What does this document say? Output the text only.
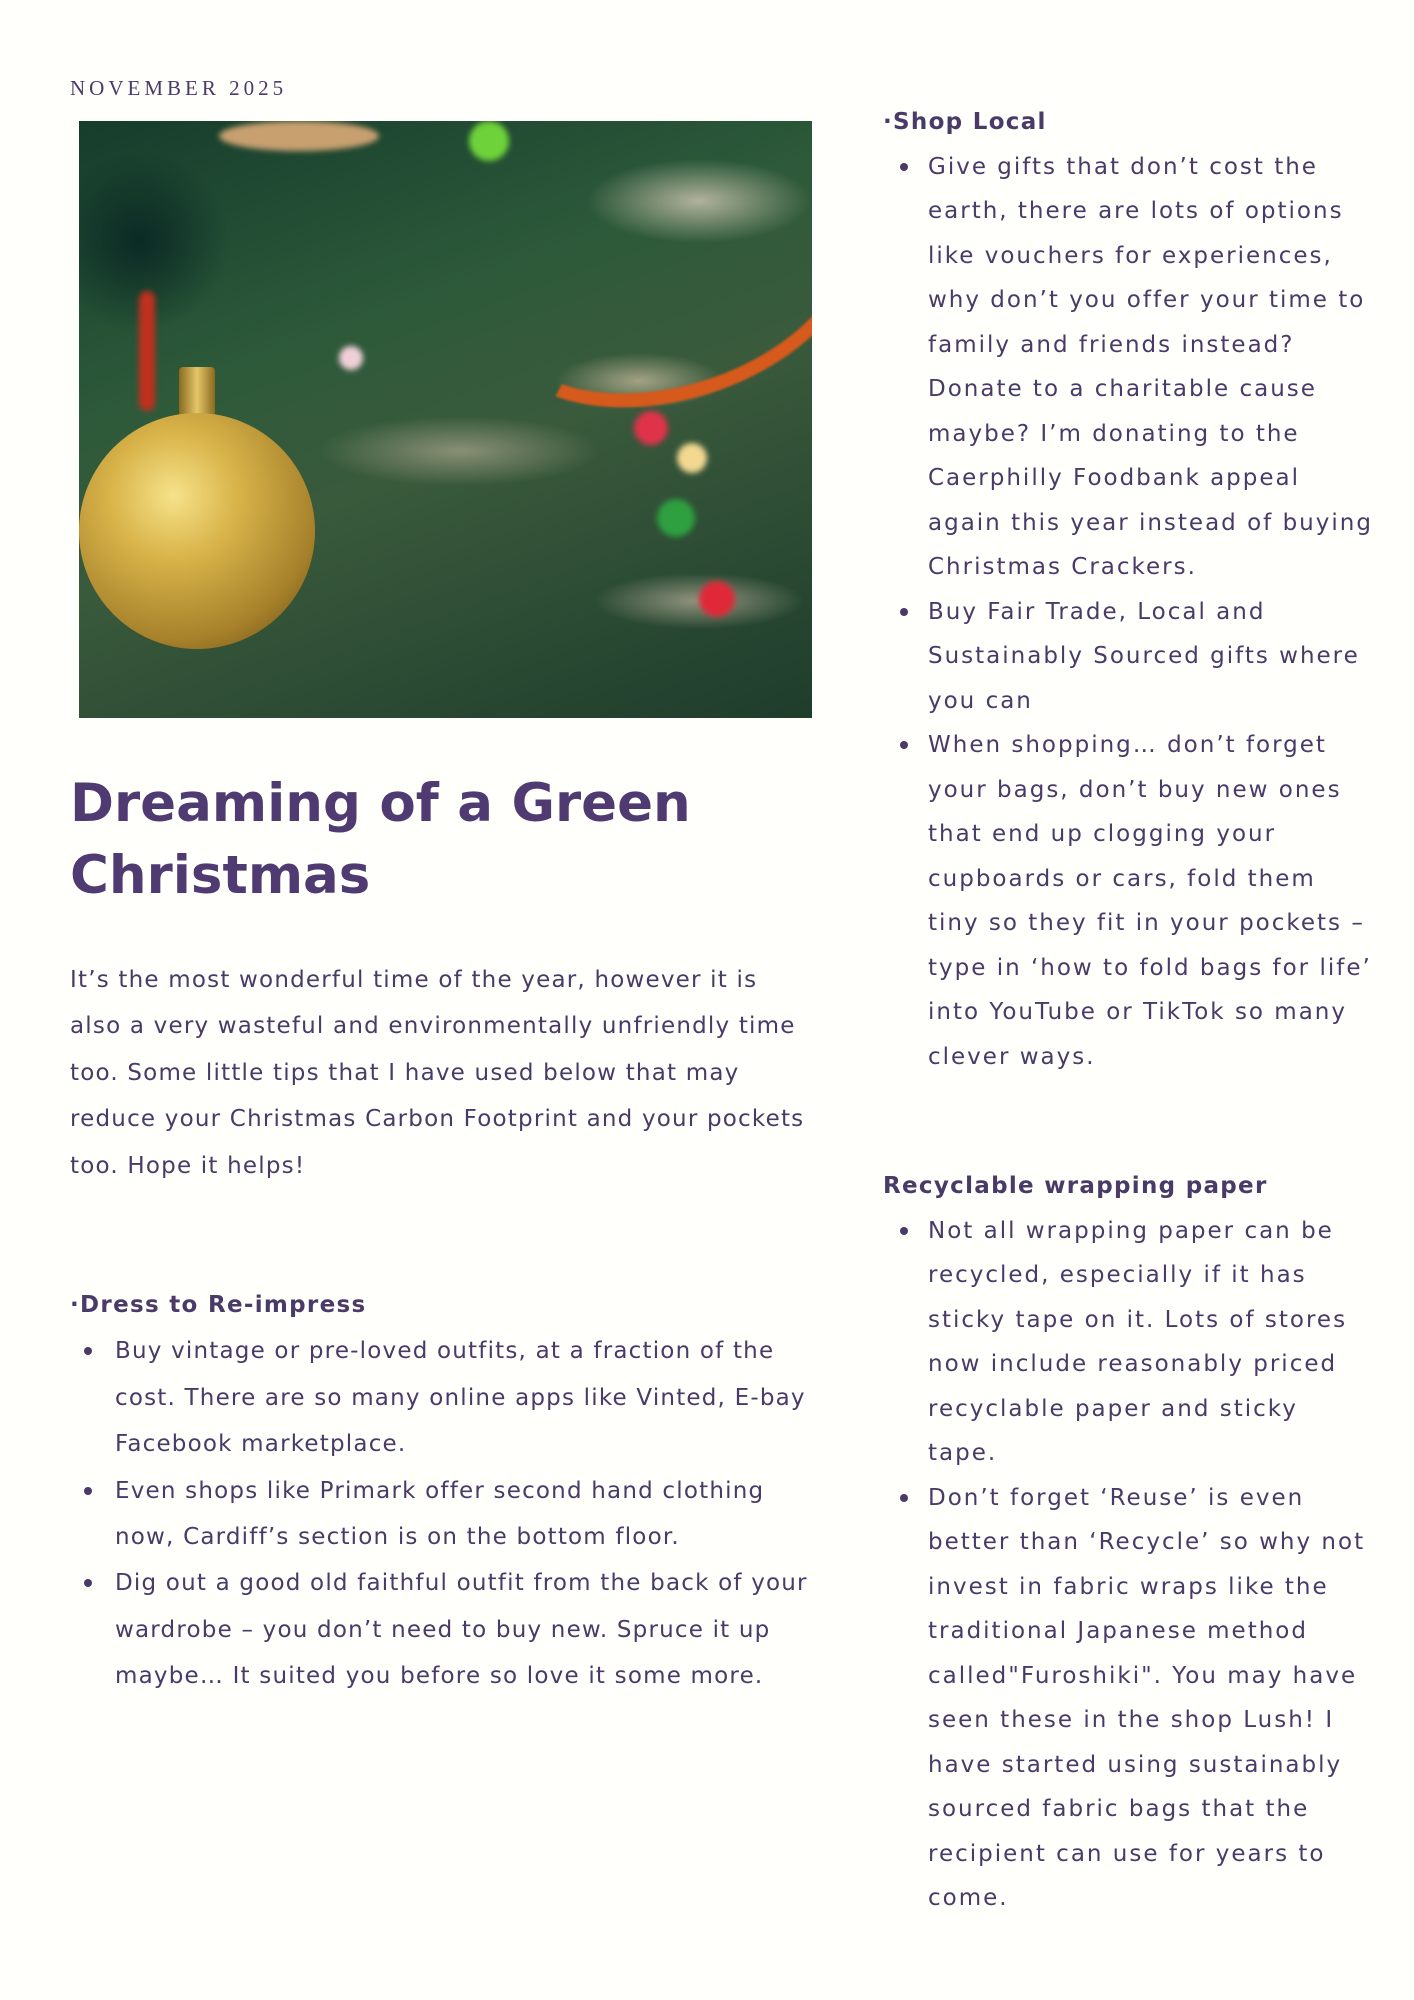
NOVEMBER 2025
Dreaming of a Green Christmas

It’s the most wonderful time of the year, however it is also a very wasteful and environmentally unfriendly time too. Some little tips that I have used below that may reduce your Christmas Carbon Footprint and your pockets too. Hope it helps!

·Dress to Re-impress

Buy vintage or pre-loved outfits, at a fraction of the cost. There are so many online apps like Vinted, E-bay Facebook marketplace.
Even shops like Primark offer second hand clothing now, Cardiff’s section is on the bottom floor.
Dig out a good old faithful outfit from the back of your wardrobe – you don’t need to buy new. Spruce it up maybe… It suited you before so love it some more.

·Shop Local

Give gifts that don’t cost the earth, there are lots of options like vouchers for experiences, why don’t you offer your time to family and friends instead? Donate to a charitable cause maybe? I’m donating to the Caerphilly Foodbank appeal again this year instead of buying Christmas Crackers.
Buy Fair Trade, Local and Sustainably Sourced gifts where you can
When shopping… don’t forget your bags, don’t buy new ones that end up clogging your cupboards or cars, fold them tiny so they fit in your pockets – type in ‘how to fold bags for life’ into YouTube or TikTok so many clever ways.

Recyclable wrapping paper

Not all wrapping paper can be recycled, especially if it has sticky tape on it. Lots of stores now include reasonably priced recyclable paper and sticky tape.
Don’t forget ‘Reuse’ is even better than ‘Recycle’ so why not invest in fabric wraps like the traditional Japanese method called"Furoshiki". You may have seen these in the shop Lush! I have started using sustainably sourced fabric bags that the recipient can use for years to come.
